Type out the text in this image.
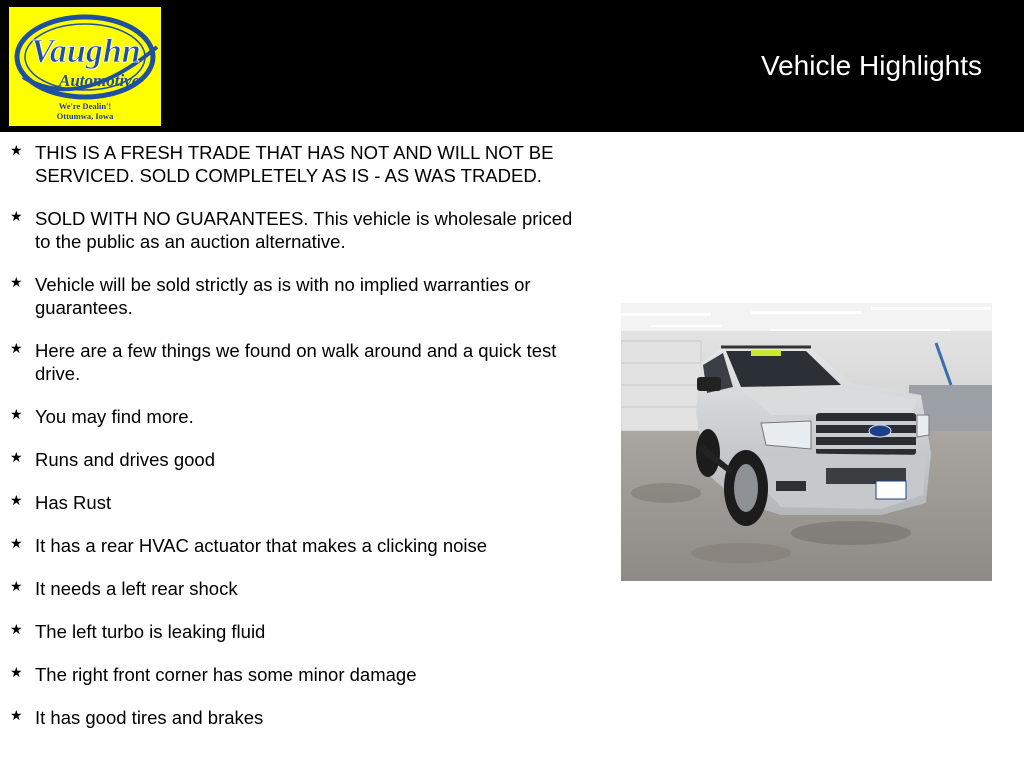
Vaughn
Automotive
We're Dealin'!
Ottumwa, Iowa
Vehicle Highlights
★ THIS IS A FRESH TRADE THAT HAS NOT AND WILL NOT BE SERVICED. SOLD COMPLETELY AS IS - AS WAS TRADED.
★ SOLD WITH NO GUARANTEES. This vehicle is wholesale priced to the public as an auction alternative.
★ Vehicle will be sold strictly as is with no implied warranties or guarantees.
★ Here are a few things we found on walk around and a quick test drive.
★ You may find more.
★ Runs and drives good
★ Has Rust
★ It has a rear HVAC actuator that makes a clicking noise
★ It needs a left rear shock
★ The left turbo is leaking fluid
★ The right front corner has some minor damage
★ It has good tires and brakes
